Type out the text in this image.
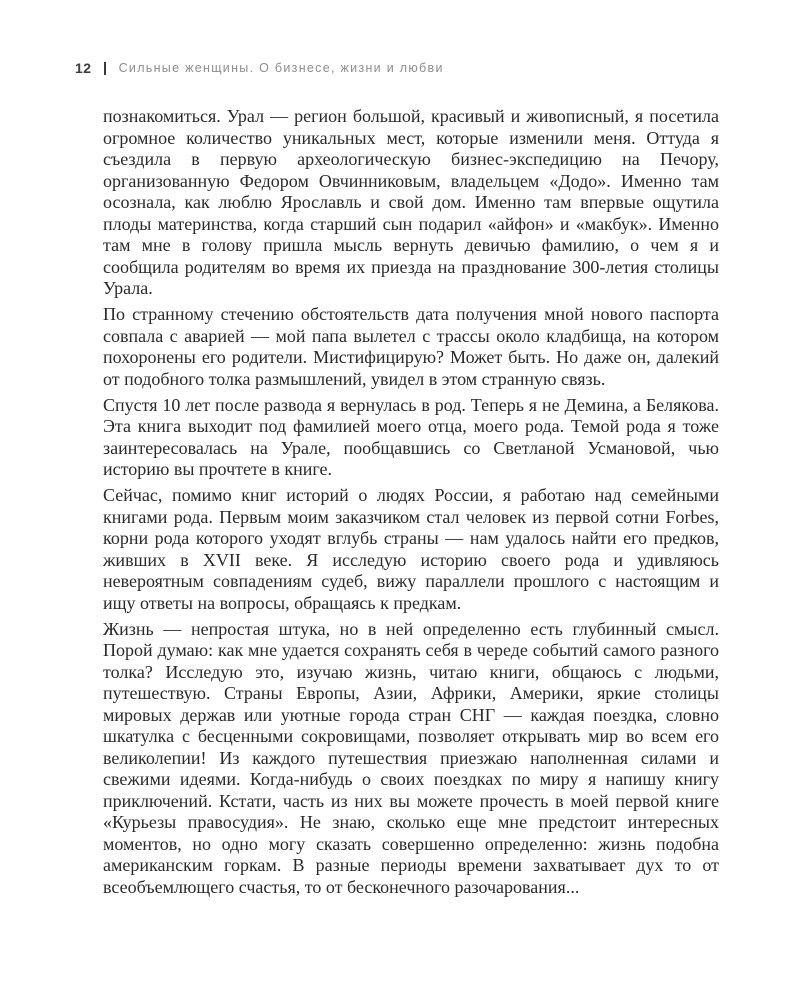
12 Сильные женщины. О бизнесе, жизни и любви

познакомиться. Урал — регион большой, красивый и живописный, я посетила огромное количество уникальных мест, которые изменили меня. Оттуда я съездила в первую археологическую бизнес-экспедицию на Печору, организованную Федором Овчинниковым, владельцем «Додо». Именно там осознала, как люблю Ярославль и свой дом. Именно там впервые ощутила плоды материнства, когда старший сын подарил «айфон» и «макбук». Именно там мне в голову пришла мысль вернуть девичью фамилию, о чем я и сообщила родителям во время их приезда на празднование 300-летия столицы Урала.

По странному стечению обстоятельств дата получения мной нового паспорта совпала с аварией — мой папа вылетел с трассы около кладбища, на котором похоронены его родители. Мистифицирую? Может быть. Но даже он, далекий от подобного толка размышлений, увидел в этом странную связь.

Спустя 10 лет после развода я вернулась в род. Теперь я не Демина, а Белякова. Эта книга выходит под фамилией моего отца, моего рода. Темой рода я тоже заинтересовалась на Урале, пообщавшись со Светланой Усмановой, чью историю вы прочтете в книге.

Сейчас, помимо книг историй о людях России, я работаю над семейными книгами рода. Первым моим заказчиком стал человек из первой сотни Forbes, корни рода которого уходят вглубь страны — нам удалось найти его предков, живших в XVII веке. Я исследую историю своего рода и удивляюсь невероятным совпадениям судеб, вижу параллели прошлого с настоящим и ищу ответы на вопросы, обращаясь к предкам.

Жизнь — непростая штука, но в ней определенно есть глубинный смысл. Порой думаю: как мне удается сохранять себя в череде событий самого разного толка? Исследую это, изучаю жизнь, читаю книги, общаюсь с людьми, путешествую. Страны Европы, Азии, Африки, Америки, яркие столицы мировых держав или уютные города стран СНГ — каждая поездка, словно шкатулка с бесценными сокровищами, позволяет открывать мир во всем его великолепии! Из каждого путешествия приезжаю наполненная силами и свежими идеями. Когда-нибудь о своих поездках по миру я напишу книгу приключений. Кстати, часть из них вы можете прочесть в моей первой книге «Курьезы правосудия». Не знаю, сколько еще мне предстоит интересных моментов, но одно могу сказать совершенно определенно: жизнь подобна американским горкам. В разные периоды времени захватывает дух то от всеобъемлющего счастья, то от бесконечного разочарования...
